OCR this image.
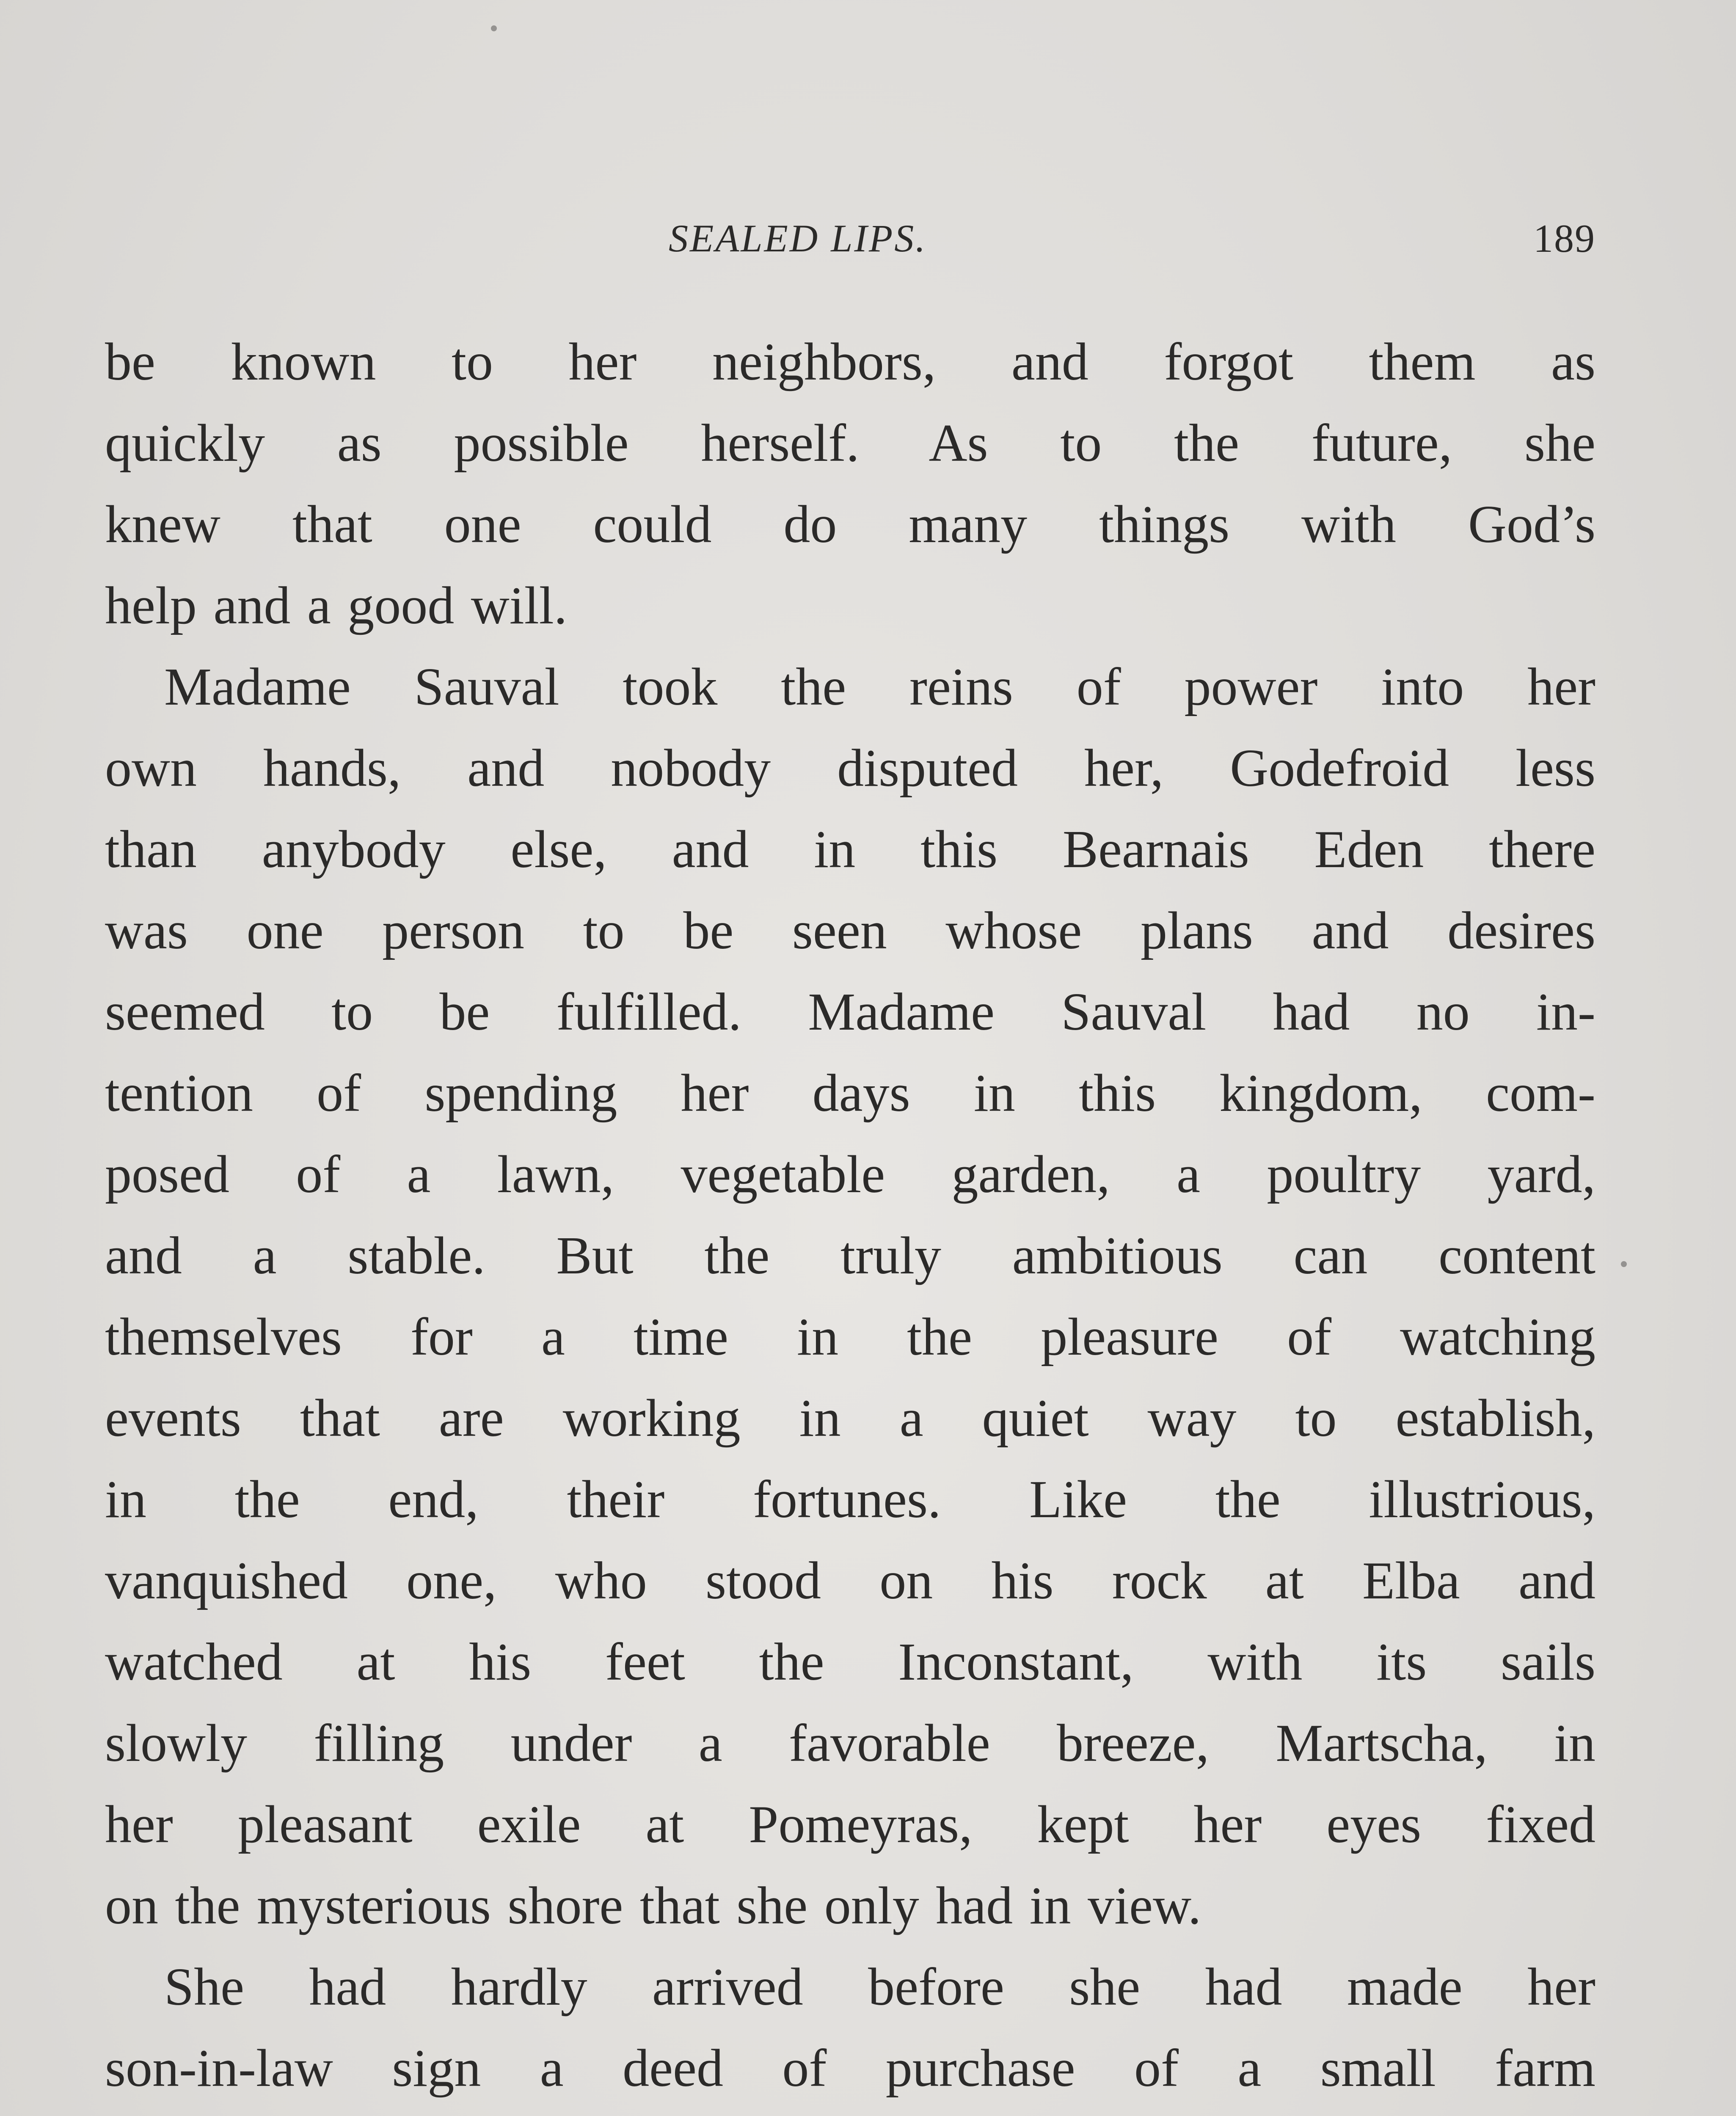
SEALED LIPS.	189
be known to her neighbors, and forgot them as
quickly as possible herself. As to the future, she
knew that one could do many things with God’s
help and a good will.
Madame Sauval took the reins of power into her
own hands, and nobody disputed her, Godefroid less
than anybody else, and in this Bearnais Eden there
was one person to be seen whose plans and desires
seemed to be fulfilled. Madame Sauval had no in-
tention of spending her days in this kingdom, com-
posed of a lawn, vegetable garden, a poultry yard,
and a stable. But the truly ambitious can content
themselves for a time in the pleasure of watching
events that are working in a quiet way to establish,
in the end, their fortunes. Like the illustrious,
vanquished one, who stood on his rock at Elba and
watched at his feet the Inconstant, with its sails
slowly filling under a favorable breeze, Martscha, in
her pleasant exile at Pomeyras, kept her eyes fixed
on the mysterious shore that she only had in view.
She had hardly arrived before she had made her
son-in-law sign a deed of purchase of a small farm
